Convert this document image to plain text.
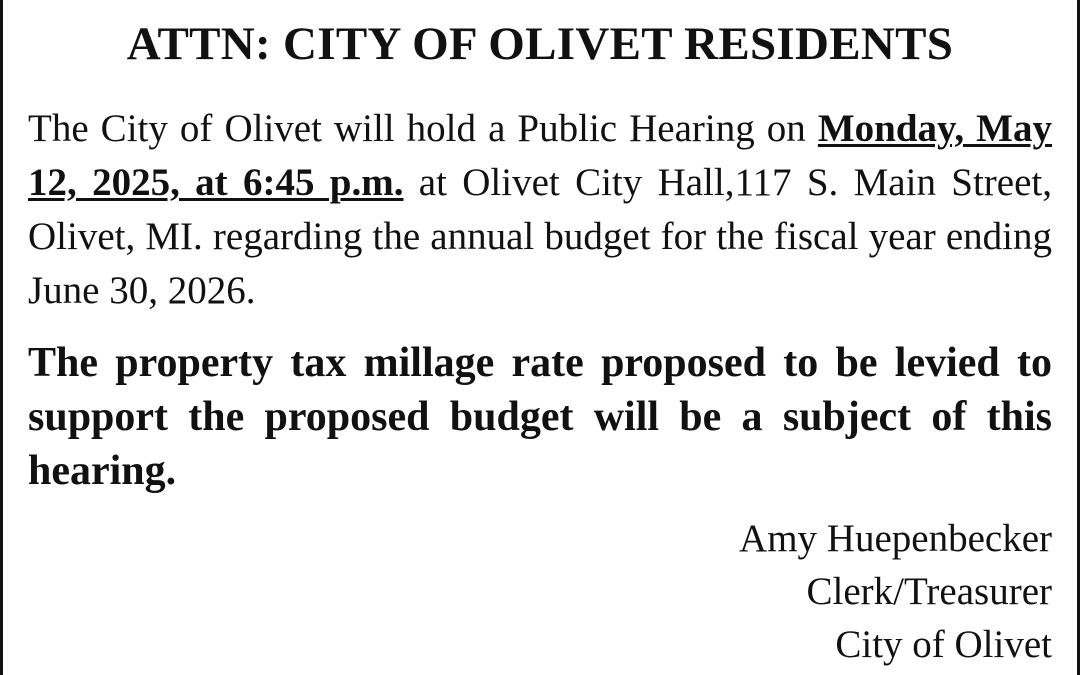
ATTN: CITY OF OLIVET RESIDENTS

The City of Olivet will hold a Public Hearing on Monday, May 12, 2025, at 6:45 p.m. at Olivet City Hall,117 S. Main Street, Olivet, MI. regarding the annual budget for the fiscal year ending June 30, 2026.

The property tax millage rate proposed to be levied to support the proposed budget will be a subject of this hearing.

Amy Huepenbecker
Clerk/Treasurer
City of Olivet
